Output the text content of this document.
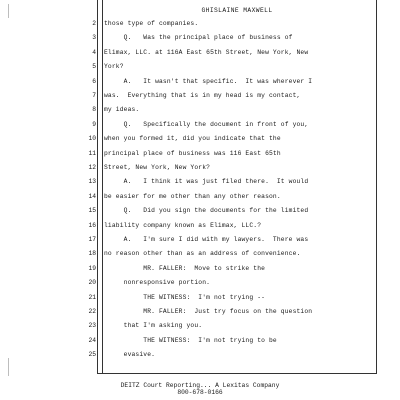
GHISLAINE MAXWELL
2
3
4
5
6
7
8
9
10
11
12
13
14
15
16
17
18
19
20
21
22
23
24
25
those type of companies.
Q.   Was the principal place of business of
Elimax, LLC. at 116A East 65th Street, New York, New
York?
A.   It wasn't that specific.  It was wherever I
was.  Everything that is in my head is my contact,
my ideas.
Q.   Specifically the document in front of you,
when you formed it, did you indicate that the
principal place of business was 116 East 65th
Street, New York, New York?
A.   I think it was just filed there.  It would
be easier for me other than any other reason.
Q.   Did you sign the documents for the limited
liability company known as Elimax, LLC.?
A.   I'm sure I did with my lawyers.  There was
no reason other than as an address of convenience.
MR. FALLER:  Move to strike the
nonresponsive portion.
THE WITNESS:  I'm not trying --
MR. FALLER:  Just try focus on the question
that I'm asking you.
THE WITNESS:  I'm not trying to be
evasive.
DEITZ Court Reporting... A Lexitas Company
800-678-0166
